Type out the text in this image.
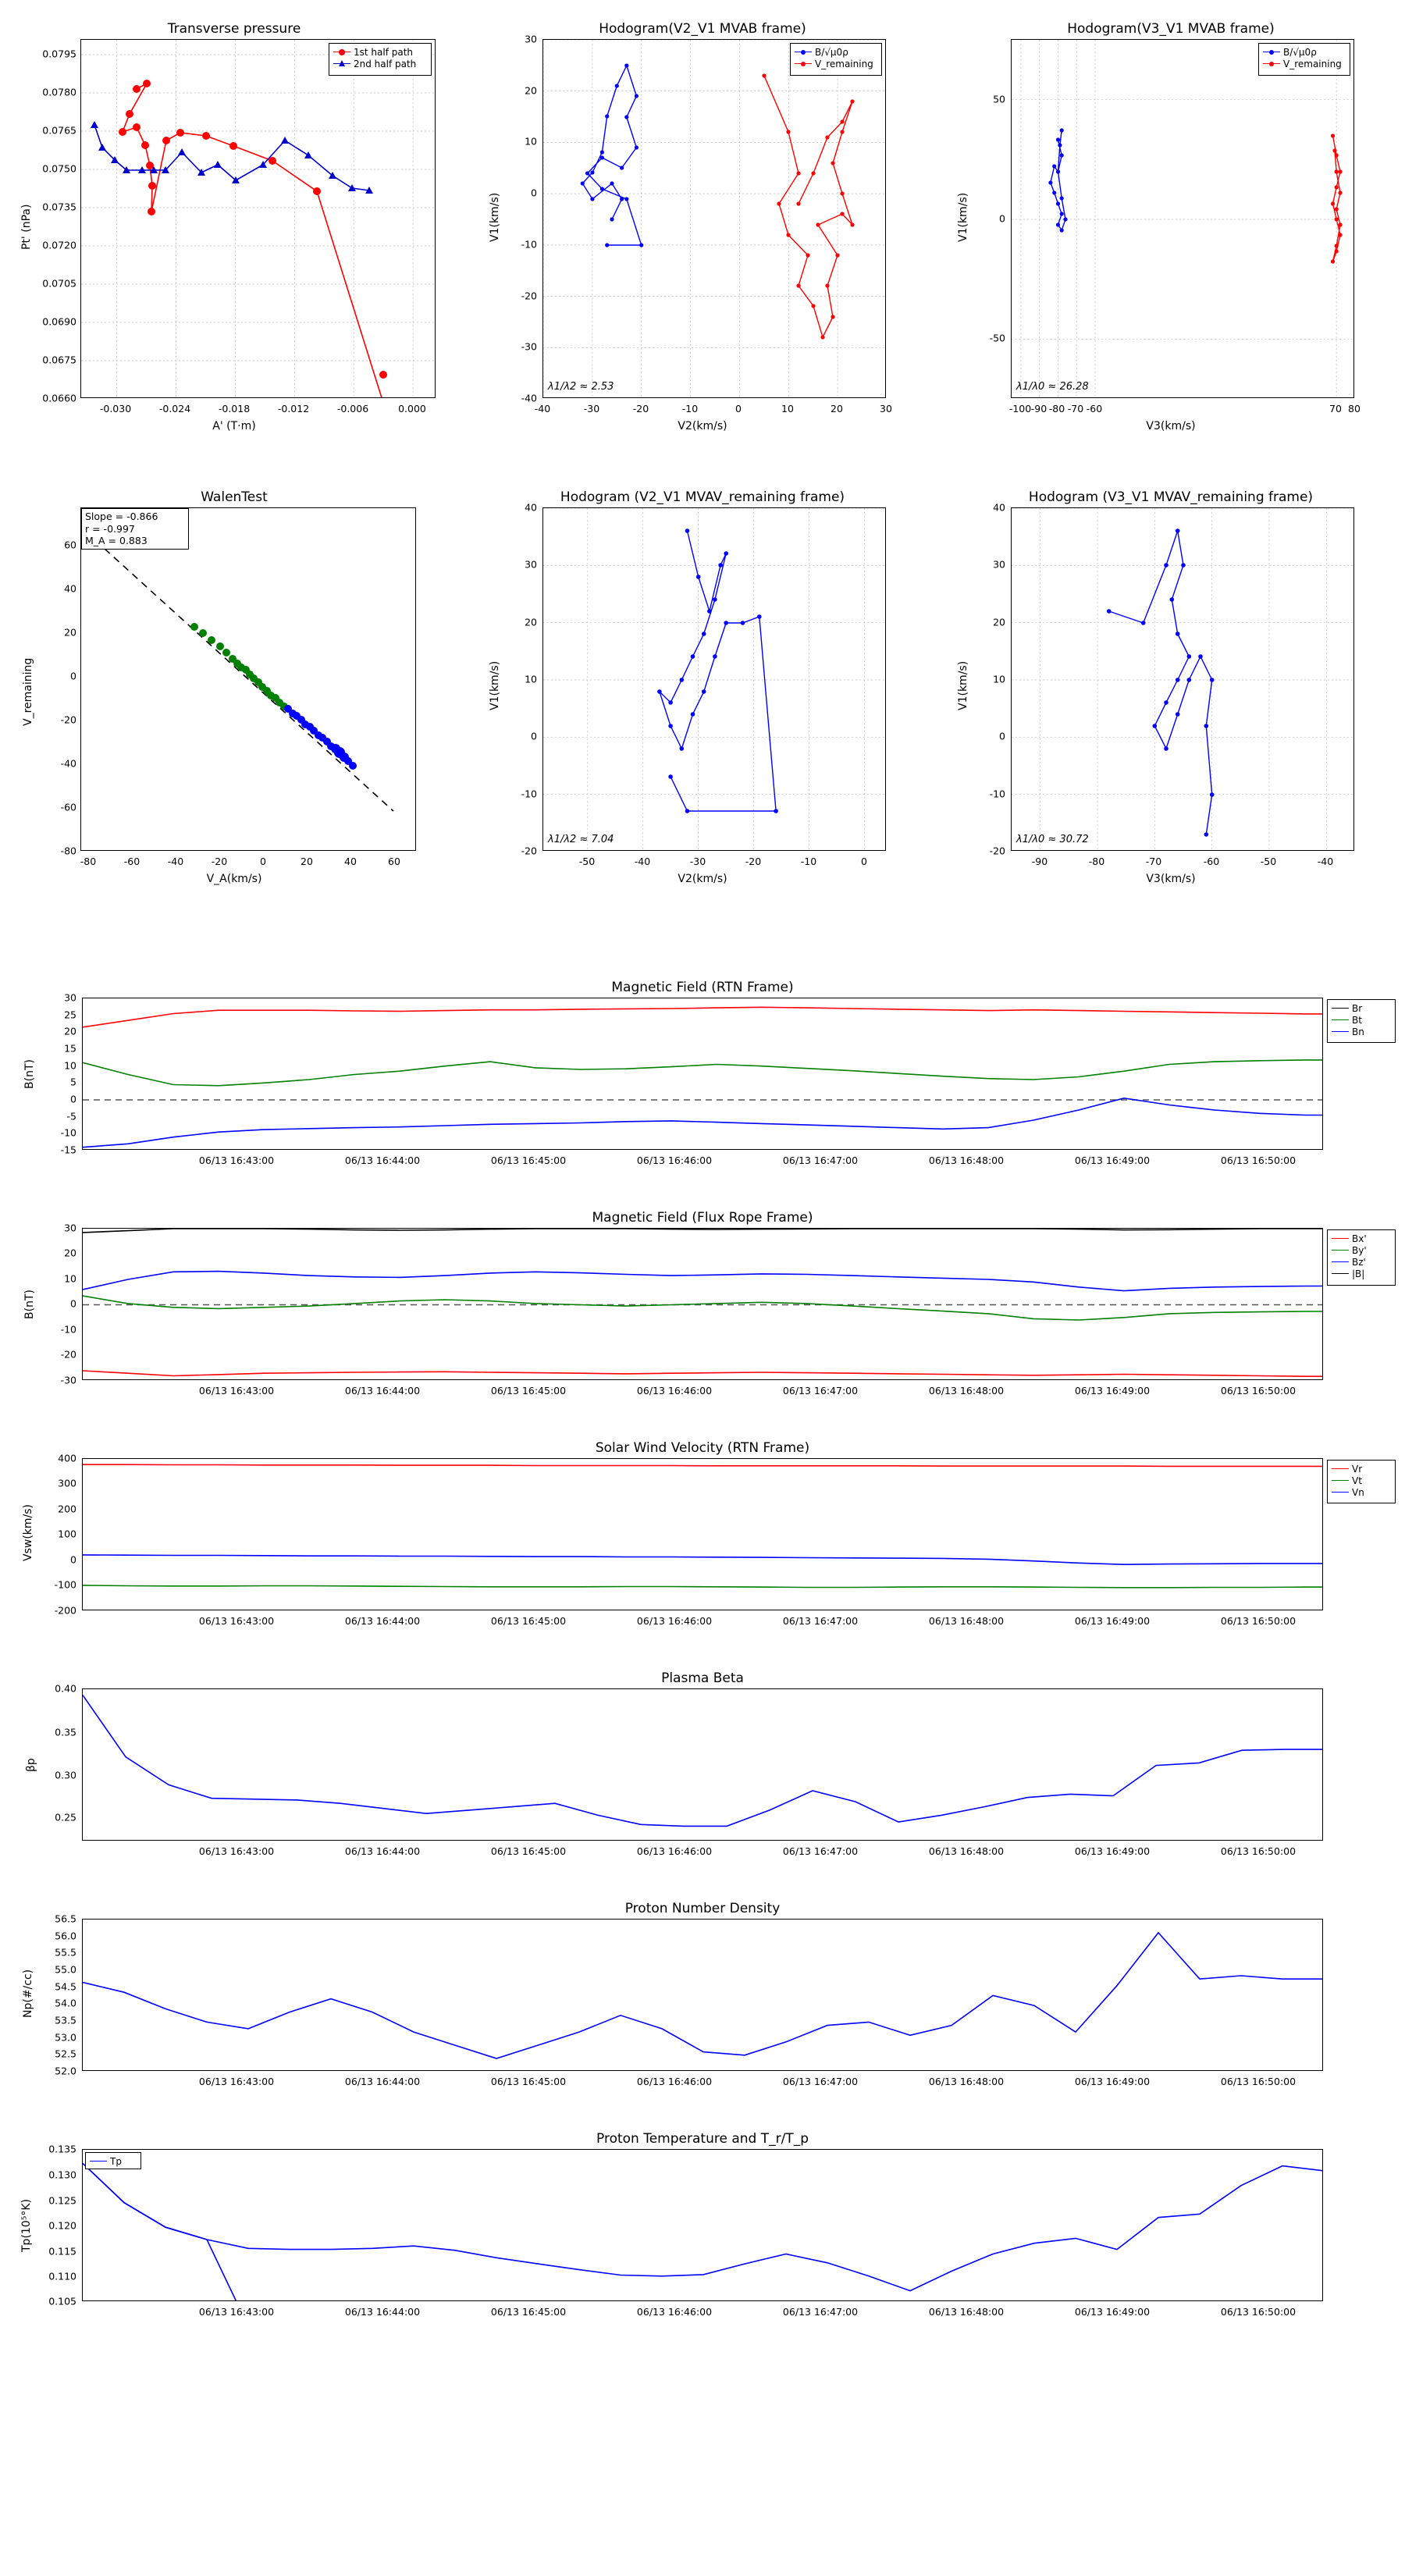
Transverse pressure
1st half path
2nd half path
0.0660
0.0675
0.0690
0.0705
0.0720
0.0735
0.0750
0.0765
0.0780
0.0795
-0.030	-0.024	-0.018	-0.012	-0.006	0.000
A' (T·m)
Pt' (nPa)
Hodogram(V2_V1 MVAB frame)
B/√μ0ρ
V_remaining
λ1/λ2 ≈ 2.53
-40
-30
-20
-10
0
10
20
30
-40	-30	-20	-10	0	10	20	30
V2(km/s)
V1(km/s)
Hodogram(V3_V1 MVAB frame)
B/√μ0ρ
V_remaining
λ1/λ0 ≈ 26.28
-50
0
50
-100 -90 -80 -70 -60	70 80
V3(km/s)
V1(km/s)
WalenTest
Slope = -0.866
r = -0.997
M_A = 0.883
-80
-60
-40
-20
0
20
40
60
-80	-60	-40	-20	0	20	40	60
V_A(km/s)
V_remaining
Hodogram (V2_V1 MVAV_remaining frame)
λ1/λ2 ≈ 7.04
-20
-10
0
10
20
30
40
-50	-40	-30	-20	-10	0
V2(km/s)
V1(km/s)
Hodogram (V3_V1 MVAV_remaining frame)
λ1/λ0 ≈ 30.72
-20
-10
0
10
20
30
40
-90	-80	-70	-60	-50	-40
V3(km/s)
V1(km/s)
Magnetic Field (RTN Frame)
Br
Bt
Bn
-15
-10
-5
0
5
10
15
20
25
30
06/13 16:43:00	06/13 16:44:00	06/13 16:45:00	06/13 16:46:00	06/13 16:47:00	06/13 16:48:00	06/13 16:49:00	06/13 16:50:00
B(nT)
Magnetic Field (Flux Rope Frame)
Bx'
By'
Bz'
|B|
-30
-20
-10
0
10
20
30
06/13 16:43:00	06/13 16:44:00	06/13 16:45:00	06/13 16:46:00	06/13 16:47:00	06/13 16:48:00	06/13 16:49:00	06/13 16:50:00
B(nT)
Solar Wind Velocity (RTN Frame)
Vr
Vt
Vn
-200
-100
0
100
200
300
400
06/13 16:43:00	06/13 16:44:00	06/13 16:45:00	06/13 16:46:00	06/13 16:47:00	06/13 16:48:00	06/13 16:49:00	06/13 16:50:00
Vsw(km/s)
Plasma Beta
0.25
0.30
0.35
0.40
06/13 16:43:00	06/13 16:44:00	06/13 16:45:00	06/13 16:46:00	06/13 16:47:00	06/13 16:48:00	06/13 16:49:00	06/13 16:50:00
βp
Proton Number Density
52.0
52.5
53.0
53.5
54.0
54.5
55.0
55.5
56.0
56.5
06/13 16:43:00	06/13 16:44:00	06/13 16:45:00	06/13 16:46:00	06/13 16:47:00	06/13 16:48:00	06/13 16:49:00	06/13 16:50:00
Np(#/cc)
Proton Temperature and T_r/T_p
Tp
0.105
0.110
0.115
0.120
0.125
0.130
0.135
06/13 16:43:00	06/13 16:44:00	06/13 16:45:00	06/13 16:46:00	06/13 16:47:00	06/13 16:48:00	06/13 16:49:00	06/13 16:50:00
Tp(10⁵°K)
